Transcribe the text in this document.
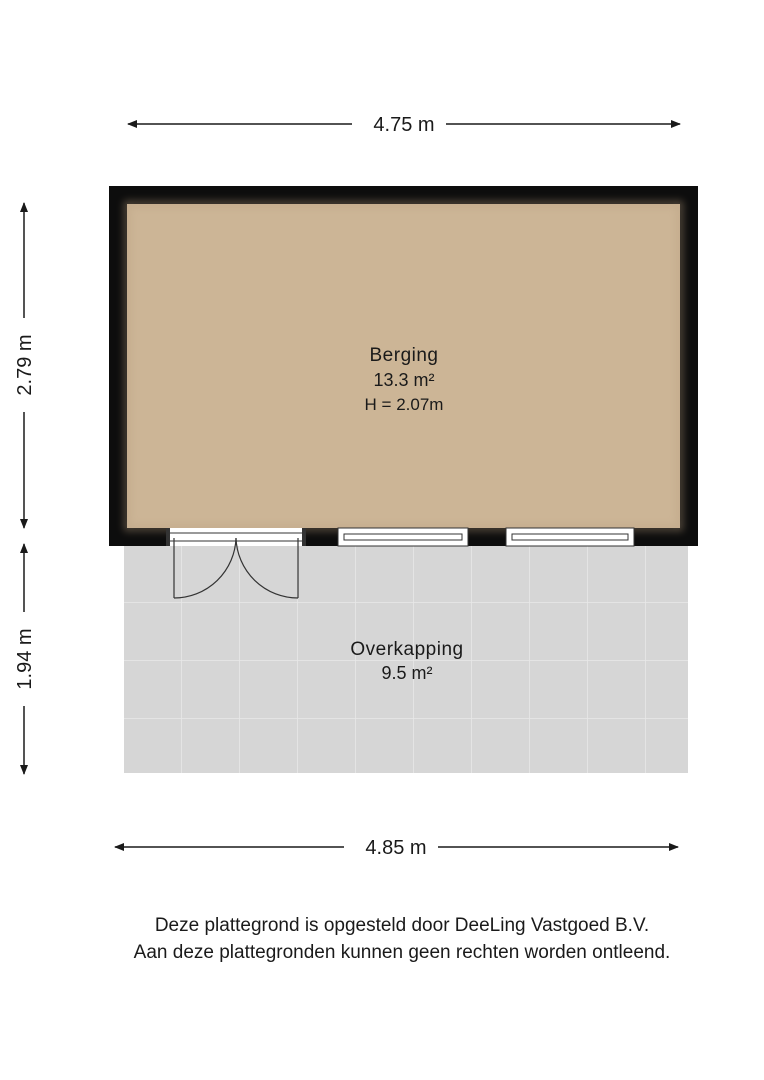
4.75 m
4.85 m
2.79 m
1.94 m
Berging
13.3 m²
H = 2.07m
Overkapping
9.5 m²
Deze plattegrond is opgesteld door DeeLing Vastgoed B.V.
Aan deze plattegronden kunnen geen rechten worden ontleend.
